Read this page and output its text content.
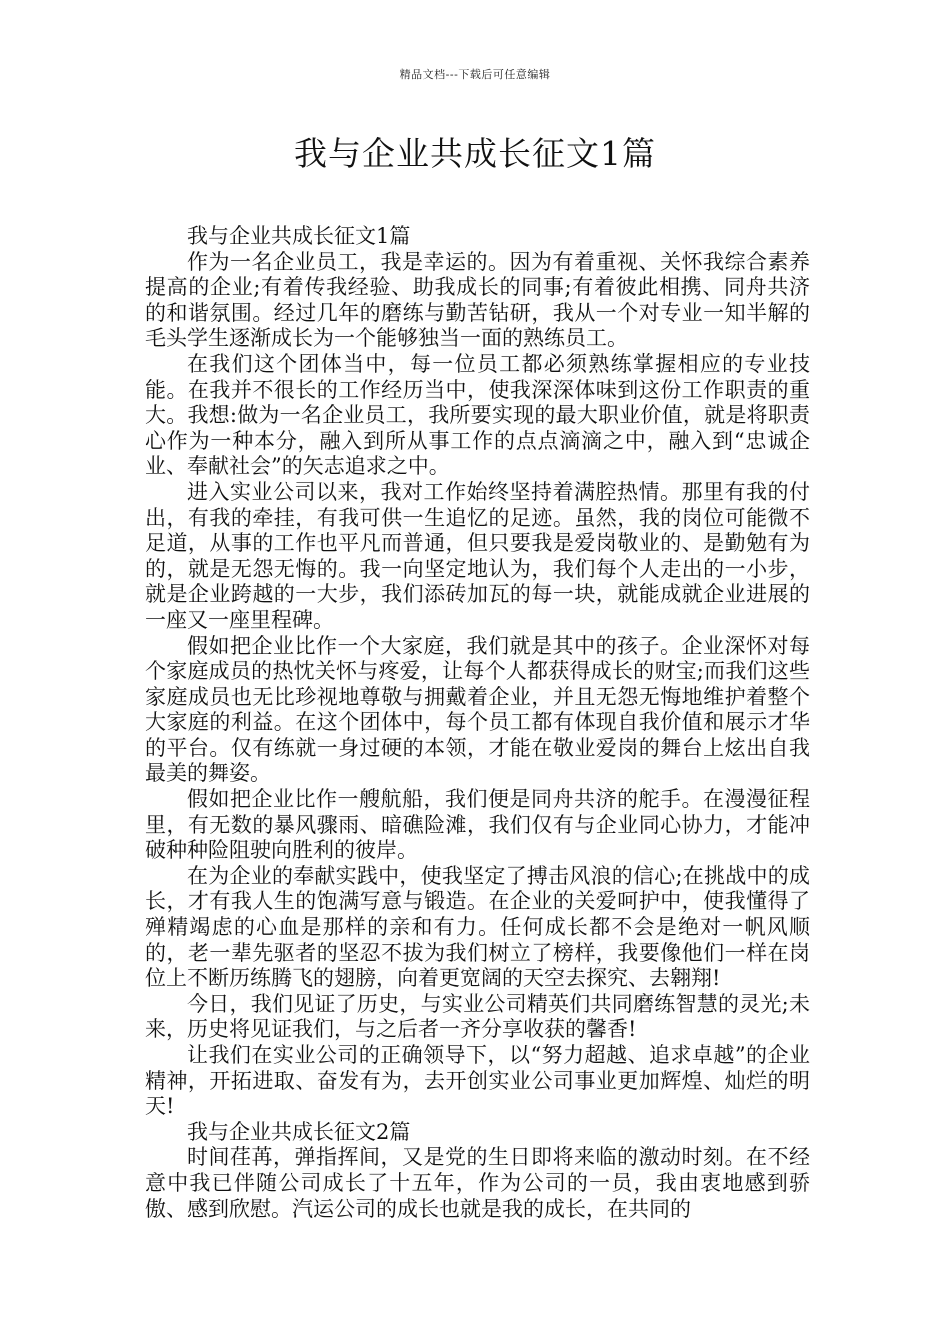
精品文档---下载后可任意编辑
我与企业共成长征文1篇

我与企业共成长征文1篇

作为一名企业员工，我是幸运的。因为有着重视、关怀我综合素养提高的企业;有着传我经验、助我成长的同事;有着彼此相携、同舟共济的和谐氛围。经过几年的磨练与勤苦钻研，我从一个对专业一知半解的毛头学生逐渐成长为一个能够独当一面的熟练员工。

在我们这个团体当中，每一位员工都必须熟练掌握相应的专业技能。在我并不很长的工作经历当中，使我深深体味到这份工作职责的重大。我想:做为一名企业员工，我所要实现的最大职业价值，就是将职责心作为一种本分，融入到所从事工作的点点滴滴之中，融入到“忠诚企业、奉献社会”的矢志追求之中。

进入实业公司以来，我对工作始终坚持着满腔热情。那里有我的付出，有我的牵挂，有我可供一生追忆的足迹。虽然，我的岗位可能微不足道，从事的工作也平凡而普通，但只要我是爱岗敬业的、是勤勉有为的，就是无怨无悔的。我一向坚定地认为，我们每个人走出的一小步，就是企业跨越的一大步，我们添砖加瓦的每一块，就能成就企业进展的一座又一座里程碑。

假如把企业比作一个大家庭，我们就是其中的孩子。企业深怀对每个家庭成员的热忱关怀与疼爱，让每个人都获得成长的财宝;而我们这些家庭成员也无比珍视地尊敬与拥戴着企业，并且无怨无悔地维护着整个大家庭的利益。在这个团体中，每个员工都有体现自我价值和展示才华的平台。仅有练就一身过硬的本领，才能在敬业爱岗的舞台上炫出自我最美的舞姿。

假如把企业比作一艘航船，我们便是同舟共济的舵手。在漫漫征程里，有无数的暴风骤雨、暗礁险滩，我们仅有与企业同心协力，才能冲破种种险阻驶向胜利的彼岸。

在为企业的奉献实践中，使我坚定了搏击风浪的信心;在挑战中的成长，才有我人生的饱满写意与锻造。在企业的关爱呵护中，使我懂得了殚精竭虑的心血是那样的亲和有力。任何成长都不会是绝对一帆风顺的，老一辈先驱者的坚忍不拔为我们树立了榜样，我要像他们一样在岗位上不断历练腾飞的翅膀，向着更宽阔的天空去探究、去翱翔!

今日，我们见证了历史，与实业公司精英们共同磨练智慧的灵光;未来，历史将见证我们，与之后者一齐分享收获的馨香!

让我们在实业公司的正确领导下，以“努力超越、追求卓越”的企业精神，开拓进取、奋发有为，去开创实业公司事业更加辉煌、灿烂的明天!

我与企业共成长征文2篇

时间荏苒，弹指挥间，又是党的生日即将来临的激动时刻。在不经意中我已伴随公司成长了十五年，作为公司的一员，我由衷地感到骄傲、感到欣慰。汽运公司的成长也就是我的成长，在共同的
